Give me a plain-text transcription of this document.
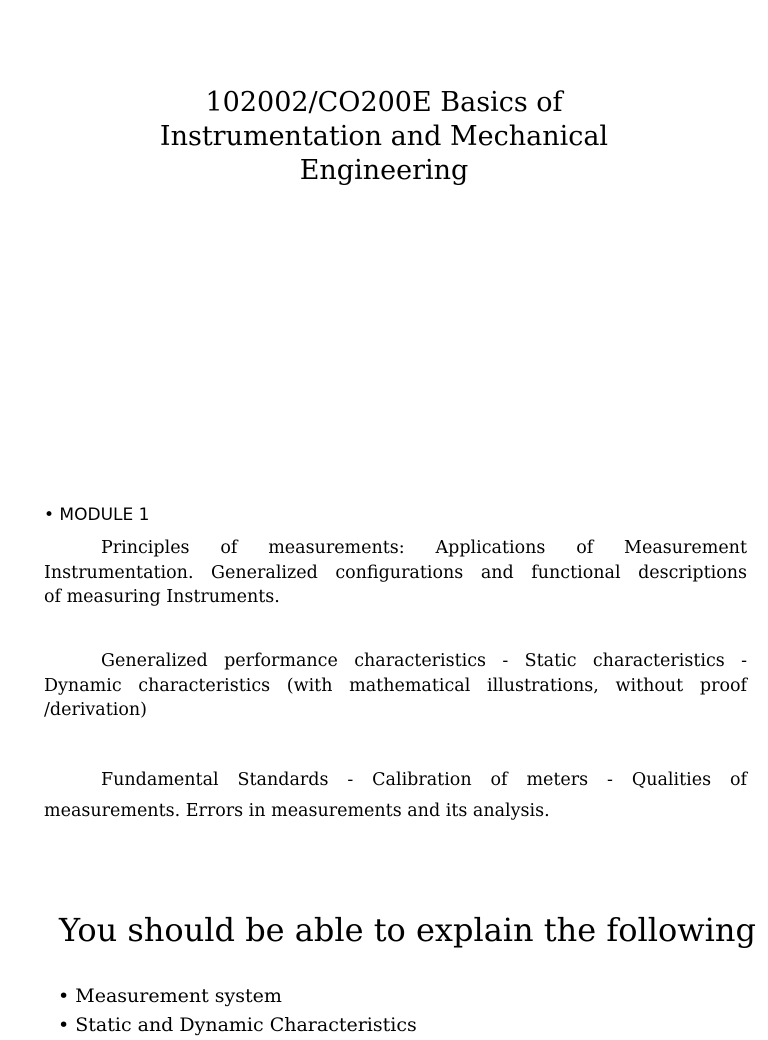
102002/CO200E Basics of
Instrumentation and Mechanical
Engineering
• MODULE 1
Principles of measurements: Applications of Measurement
Instrumentation. Generalized configurations and functional descriptions
of measuring Instruments.
Generalized performance characteristics - Static characteristics -
Dynamic characteristics (with mathematical illustrations, without proof
/derivation)
Fundamental Standards - Calibration of meters - Qualities of
measurements. Errors in measurements and its analysis.
You should be able to explain the following
• Measurement system
• Static and Dynamic Characteristics
